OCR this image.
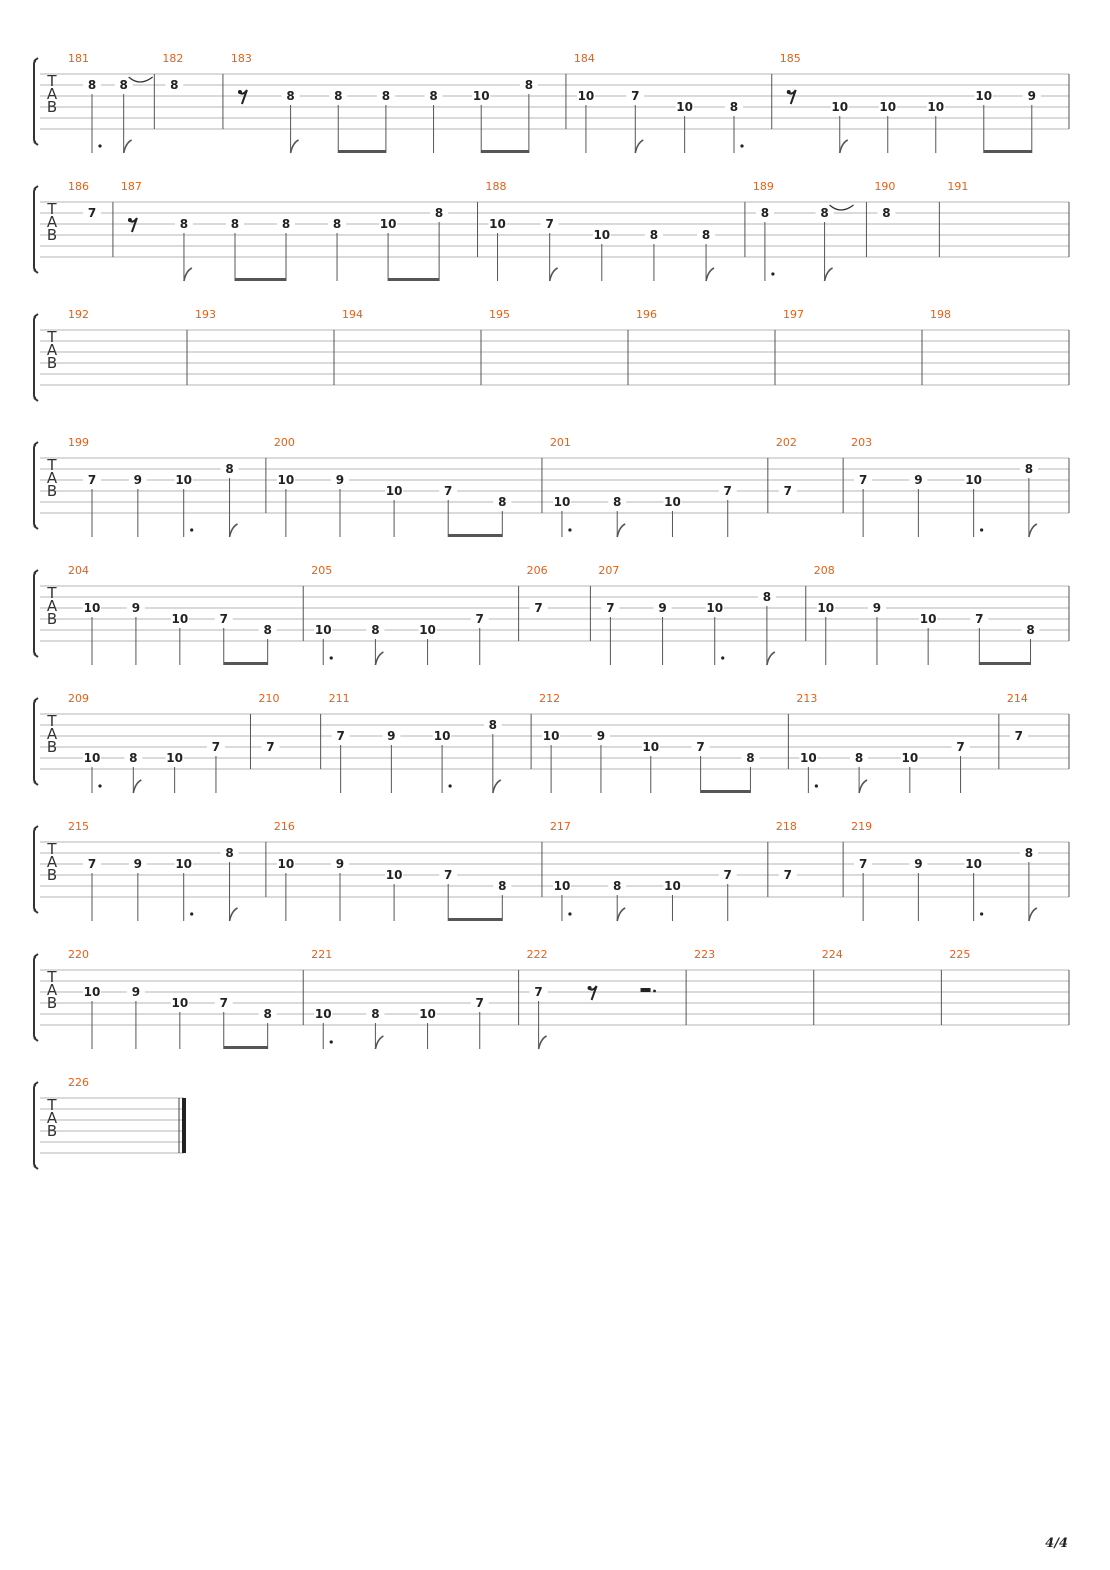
T
A
B
181
8 8
182
8
183
8	8	8	8	10
8
184
10	7
10	8
185
10	10	10
10	9
T
A
B
186
7
187
8	8	8	8	10
8
188
10	7
10	8	8
189
8	8
190
8
191
T
A
B
192	193	194	195	196	197	198
T
A
B
199
7	9	10
8
200
10	9
10	7
8
201
10	8	10
7
202
7
203
7	9	10
8
T
A
B
204
10	9
10	7
8
205
10	8	10
7
206
7
207
7	9	10
8
208
10	9
10	7
8
T
A
B
209
10 8 10
7
210
7
211
7	9	10
8
212
10	9
10	7
8
213
10	8	10
7
214
7
T
A
B
215
7	9	10
8
216
10	9
10	7
8
217
10	8	10
7
218
7
219
7	9	10
8
T
A
B
220
10	9
10	7
8
221
10	8	10
7
222
7
223	224	225
T
A
B
226
4/4
